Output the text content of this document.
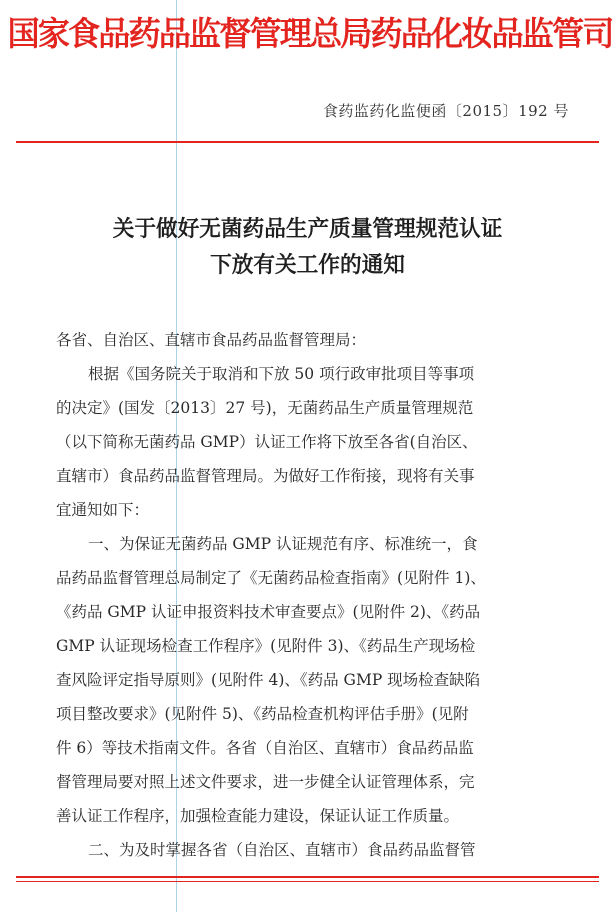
国家食品药品监督管理总局药品化妆品监管司
食药监药化监便函〔2015〕192 号
关于做好无菌药品生产质量管理规范认证
下放有关工作的通知
各省、自治区、直辖市食品药品监督管理局：
根据《国务院关于取消和下放 50 项行政审批项目等事项
的决定》(国发〔2013〕27 号)，无菌药品生产质量管理规范
（以下简称无菌药品 GMP）认证工作将下放至各省(自治区、
直辖市）食品药品监督管理局。为做好工作衔接，现将有关事
宜通知如下：
一、为保证无菌药品 GMP 认证规范有序、标准统一，食
品药品监督管理总局制定了《无菌药品检查指南》(见附件 1)、
《药品 GMP 认证申报资料技术审查要点》(见附件 2)、《药品
GMP 认证现场检查工作程序》(见附件 3)、《药品生产现场检
查风险评定指导原则》(见附件 4)、《药品 GMP 现场检查缺陷
项目整改要求》(见附件 5)、《药品检查机构评估手册》(见附
件 6）等技术指南文件。各省（自治区、直辖市）食品药品监
督管理局要对照上述文件要求，进一步健全认证管理体系，完
善认证工作程序，加强检查能力建设，保证认证工作质量。
二、为及时掌握各省（自治区、直辖市）食品药品监督管
